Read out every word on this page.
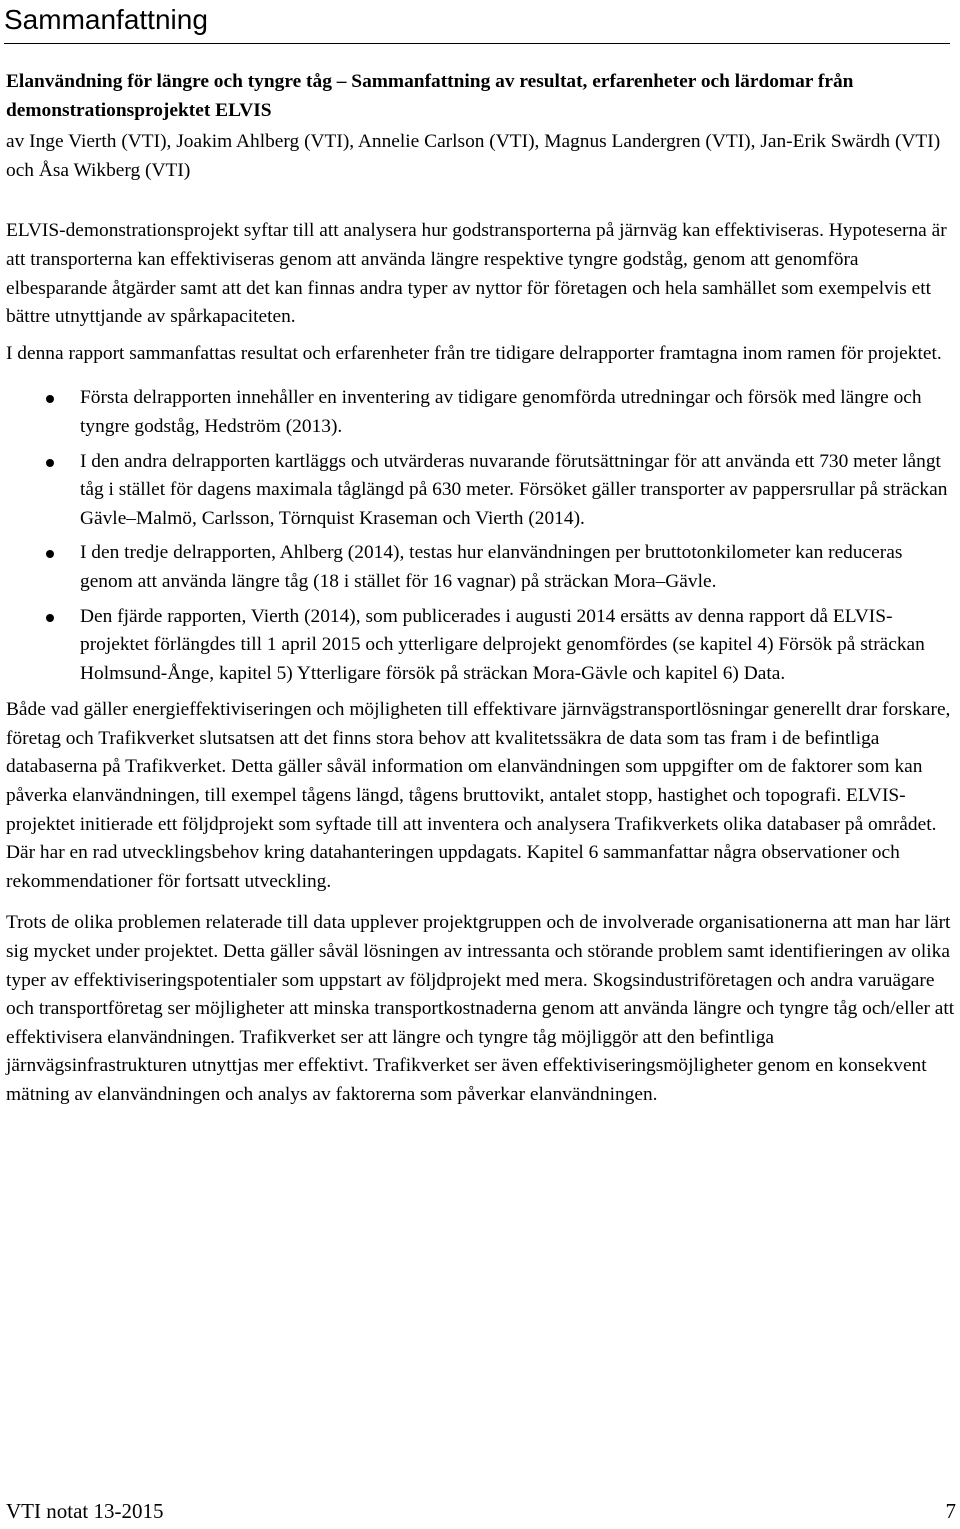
Sammanfattning

Elanvändning för längre och tyngre tåg – Sammanfattning av resultat, erfarenheter och lärdomar från demonstrationsprojektet ELVIS

av Inge Vierth (VTI), Joakim Ahlberg (VTI), Annelie Carlson (VTI), Magnus Landergren (VTI), Jan-Erik Swärdh (VTI) och Åsa Wikberg (VTI)

ELVIS-demonstrationsprojekt syftar till att analysera hur godstransporterna på järnväg kan effektiviseras. Hypoteserna är att transporterna kan effektiviseras genom att använda längre respektive tyngre godståg, genom att genomföra elbesparande åtgärder samt att det kan finnas andra typer av nyttor för företagen och hela samhället som exempelvis ett bättre utnyttjande av spårkapaciteten.

I denna rapport sammanfattas resultat och erfarenheter från tre tidigare delrapporter framtagna inom ramen för projektet.

Första delrapporten innehåller en inventering av tidigare genomförda utredningar och försök med längre och tyngre godståg, Hedström (2013).
I den andra delrapporten kartläggs och utvärderas nuvarande förutsättningar för att använda ett 730 meter långt tåg i stället för dagens maximala tåglängd på 630 meter. Försöket gäller transporter av pappersrullar på sträckan Gävle–Malmö, Carlsson, Törnquist Kraseman och Vierth (2014).
I den tredje delrapporten, Ahlberg (2014), testas hur elanvändningen per bruttotonkilometer kan reduceras genom att använda längre tåg (18 i stället för 16 vagnar) på sträckan Mora–Gävle.
Den fjärde rapporten, Vierth (2014), som publicerades i augusti 2014 ersätts av denna rapport då ELVIS-projektet förlängdes till 1 april 2015 och ytterligare delprojekt genomfördes (se kapitel 4) Försök på sträckan Holmsund-Ånge, kapitel 5) Ytterligare försök på sträckan Mora-Gävle och kapitel 6) Data.

Både vad gäller energieffektiviseringen och möjligheten till effektivare järnvägstransportlösningar generellt drar forskare, företag och Trafikverket slutsatsen att det finns stora behov att kvalitetssäkra de data som tas fram i de befintliga databaserna på Trafikverket. Detta gäller såväl information om elanvändningen som uppgifter om de faktorer som kan påverka elanvändningen, till exempel tågens längd, tågens bruttovikt, antalet stopp, hastighet och topografi. ELVIS-projektet initierade ett följdprojekt som syftade till att inventera och analysera Trafikverkets olika databaser på området. Där har en rad utvecklingsbehov kring datahanteringen uppdagats. Kapitel 6 sammanfattar några observationer och rekommendationer för fortsatt utveckling.

Trots de olika problemen relaterade till data upplever projektgruppen och de involverade organisationerna att man har lärt sig mycket under projektet. Detta gäller såväl lösningen av intressanta och störande problem samt identifieringen av olika typer av effektiviseringspotentialer som uppstart av följdprojekt med mera. Skogsindustriföretagen och andra varuägare och transportföretag ser möjligheter att minska transportkostnaderna genom att använda längre och tyngre tåg och/eller att effektivisera elanvändningen. Trafikverket ser att längre och tyngre tåg möjliggör att den befintliga järnvägsinfrastrukturen utnyttjas mer effektivt. Trafikverket ser även effektiviseringsmöjligheter genom en konsekvent mätning av elanvändningen och analys av faktorerna som påverkar elanvändningen.

VTI notat 13-2015	7
